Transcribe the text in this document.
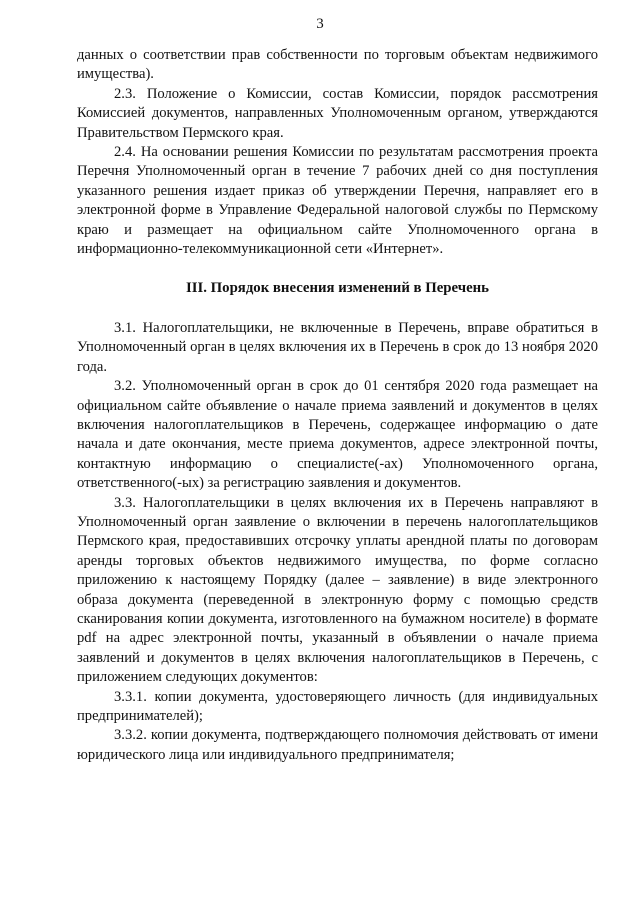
3

данных о соответствии прав собственности по торговым объектам недвижимого имущества).

2.3. Положение о Комиссии, состав Комиссии, порядок рассмотрения Комиссией документов, направленных Уполномоченным органом, утверждаются Правительством Пермского края.

2.4. На основании решения Комиссии по результатам рассмотрения проекта Перечня Уполномоченный орган в течение 7 рабочих дней со дня поступления указанного решения издает приказ об утверждении Перечня, направляет его в электронной форме в Управление Федеральной налоговой службы по Пермскому краю и размещает на официальном сайте Уполномоченного органа в информационно-телекоммуникационной сети «Интернет».

III. Порядок внесения изменений в Перечень

3.1. Налогоплательщики, не включенные в Перечень, вправе обратиться в Уполномоченный орган в целях включения их в Перечень в срок до 13 ноября 2020 года.

3.2. Уполномоченный орган в срок до 01 сентября 2020 года размещает на официальном сайте объявление о начале приема заявлений и документов в целях включения налогоплательщиков в Перечень, содержащее информацию о дате начала и дате окончания, месте приема документов, адресе электронной почты, контактную информацию о специалисте(-ах) Уполномоченного органа, ответственного(-ых) за регистрацию заявления и документов.

3.3. Налогоплательщики в целях включения их в Перечень направляют в Уполномоченный орган заявление о включении в перечень налогоплательщиков Пермского края, предоставивших отсрочку уплаты арендной платы по договорам аренды торговых объектов недвижимого имущества, по форме согласно приложению к настоящему Порядку (далее – заявление) в виде электронного образа документа (переведенной в электронную форму с помощью средств сканирования копии документа, изготовленного на бумажном носителе) в формате pdf на адрес электронной почты, указанный в объявлении о начале приема заявлений и документов в целях включения налогоплательщиков в Перечень, с приложением следующих документов:

3.3.1. копии документа, удостоверяющего личность (для индивидуальных предпринимателей);

3.3.2. копии документа, подтверждающего полномочия действовать от имени юридического лица или индивидуального предпринимателя;
